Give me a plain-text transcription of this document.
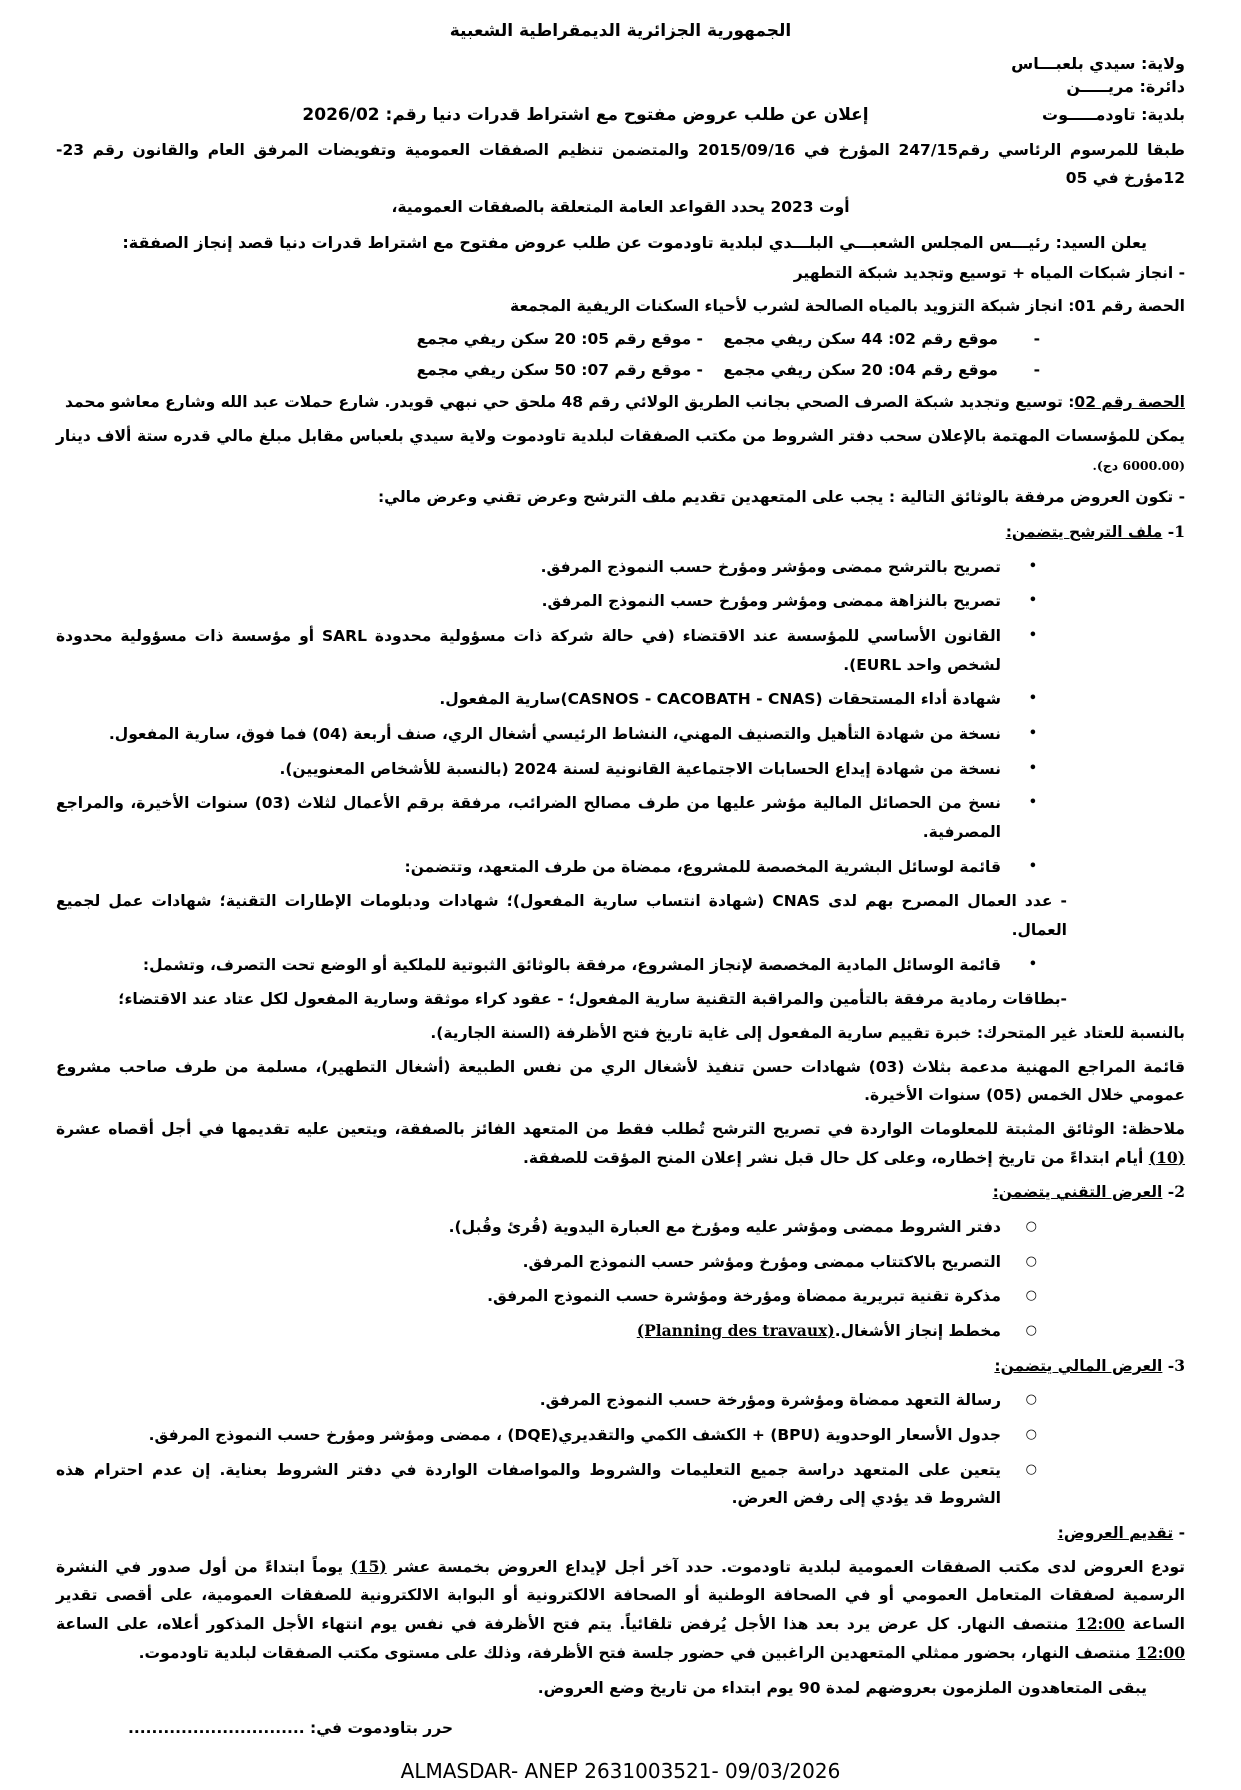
الجمهورية الجزائرية الديمقراطية الشعبية
ولاية: سيدي بلعبـــاس
دائرة: مريـــــن
بلدية: تاودمـــــوت
إعلان عن طلب عروض مفتوح مع اشتراط قدرات دنيا رقم: 2026/02
طبقا للمرسوم الرئاسي رقم247/15 المؤرخ في 2015/09/16 والمتضمن تنظيم الصفقات العمومية وتفويضات المرفق العام والقانون رقم 23-12مؤرخ في 05
أوت 2023 يحدد القواعد العامة المتعلقة بالصفقات العمومية،
يعلن السيد: رئيـــس المجلس الشعبـــي البلـــدي لبلدية تاودموت عن طلب عروض مفتوح مع اشتراط قدرات دنيا قصد إنجاز الصفقة:
- انجاز شبكات المياه + توسيع وتجديد شبكة التطهير
الحصة رقم 01: انجاز شبكة التزويد بالمياه الصالحة لشرب لأحياء السكنات الريفية المجمعة
-
موقع رقم 02: 44 سكن ريفي مجمع
- موقع رقم 05: 20 سكن ريفي مجمع
-
موقع رقم 04: 20 سكن ريفي مجمع
- موقع رقم 07: 50 سكن ريفي مجمع
الحصة رقم 02: توسيع وتجديد شبكة الصرف الصحي بجانب الطريق الولائي رقم 48 ملحق حي نبهي قويدر. شارع حملات عبد الله وشارع معاشو محمد
يمكن للمؤسسات المهتمة بالإعلان سحب دفتر الشروط من مكتب الصفقات لبلدية تاودموت ولاية سيدي بلعباس مقابل مبلغ مالي قدره ستة ألاف دينار (6000.00 دج).
- تكون العروض مرفقة بالوثائق التالية : يجب على المتعهدين تقديم ملف الترشح وعرض تقني وعرض مالي:
1- ملف الترشح يتضمن:
•
تصريح بالترشح ممضى ومؤشر ومؤرخ حسب النموذج المرفق.
•
تصريح بالنزاهة ممضى ومؤشر ومؤرخ حسب النموذج المرفق.
•
القانون الأساسي للمؤسسة عند الاقتضاء (في حالة شركة ذات مسؤولية محدودة SARL أو مؤسسة ذات مسؤولية محدودة لشخص واحد EURL).
•
شهادة أداء المستحقات (CASNOS - CACOBATH - CNAS)سارية المفعول.
•
نسخة من شهادة التأهيل والتصنيف المهني، النشاط الرئيسي أشغال الري، صنف أربعة (04) فما فوق، سارية المفعول.
•
نسخة من شهادة إيداع الحسابات الاجتماعية القانونية لسنة 2024 (بالنسبة للأشخاص المعنويين).
•
نسخ من الحصائل المالية مؤشر عليها من طرف مصالح الضرائب، مرفقة برقم الأعمال لثلاث (03) سنوات الأخيرة، والمراجع المصرفية.
•
قائمة لوسائل البشرية المخصصة للمشروع، ممضاة من طرف المتعهد، وتتضمن:
- عدد العمال المصرح بهم لدى CNAS (شهادة انتساب سارية المفعول)؛ شهادات ودبلومات الإطارات التقنية؛ شهادات عمل لجميع العمال.
•
قائمة الوسائل المادية المخصصة لإنجاز المشروع، مرفقة بالوثائق الثبوتية للملكية أو الوضع تحت التصرف، وتشمل:
-بطاقات رمادية مرفقة بالتأمين والمراقبة التقنية سارية المفعول؛ - عقود كراء موثقة وسارية المفعول لكل عتاد عند الاقتضاء؛
بالنسبة للعتاد غير المتحرك: خبرة تقييم سارية المفعول إلى غاية تاريخ فتح الأظرفة (السنة الجارية).
قائمة المراجع المهنية مدعمة بثلاث (03) شهادات حسن تنفيذ لأشغال الري من نفس الطبيعة (أشغال التطهير)، مسلمة من طرف صاحب مشروع عمومي خلال الخمس (05) سنوات الأخيرة.
ملاحظة: الوثائق المثبتة للمعلومات الواردة في تصريح الترشح تُطلب فقط من المتعهد الفائز بالصفقة، ويتعين عليه تقديمها في أجل أقصاه عشرة (10) أيام ابتداءً من تاريخ إخطاره، وعلى كل حال قبل نشر إعلان المنح المؤقت للصفقة.
2- العرض التقني يتضمن:
○
دفتر الشروط ممضى ومؤشر عليه ومؤرخ مع العبارة اليدوية (قُرئ وقُبل).
○
التصريح بالاكتتاب ممضى ومؤرخ ومؤشر حسب النموذج المرفق.
○
مذكرة تقنية تبريرية ممضاة ومؤرخة ومؤشرة حسب النموذج المرفق.
○
مخطط إنجاز الأشغال.(Planning des travaux)
3- العرض المالي يتضمن:
○
رسالة التعهد ممضاة ومؤشرة ومؤرخة حسب النموذج المرفق.
○
جدول الأسعار الوحدوية (BPU) + الكشف الكمي والتقديري(DQE) ، ممضى ومؤشر ومؤرخ حسب النموذج المرفق.
○
يتعين على المتعهد دراسة جميع التعليمات والشروط والمواصفات الواردة في دفتر الشروط بعناية. إن عدم احترام هذه الشروط قد يؤدي إلى رفض العرض.
- تقديم العروض:
تودع العروض لدى مكتب الصفقات العمومية لبلدية تاودموت. حدد آخر أجل لإيداع العروض بخمسة عشر (15) يوماً ابتداءً من أول صدور في النشرة الرسمية لصفقات المتعامل العمومي أو في الصحافة الوطنية أو الصحافة الالكترونية أو البوابة الالكترونية للصفقات العمومية، على أقصى تقدير الساعة 12:00 منتصف النهار. كل عرض يرد بعد هذا الأجل يُرفض تلقائياً. يتم فتح الأظرفة في نفس يوم انتهاء الأجل المذكور أعلاه، على الساعة 12:00 منتصف النهار، بحضور ممثلي المتعهدين الراغبين في حضور جلسة فتح الأظرفة، وذلك على مستوى مكتب الصفقات لبلدية تاودموت.
يبقى المتعاهدون الملزمون بعروضهم لمدة 90 يوم ابتداء من تاريخ وضع العروض.
حرر بتاودموت في: ..............................
ALMASDAR- ANEP 2631003521- 09/03/2026
